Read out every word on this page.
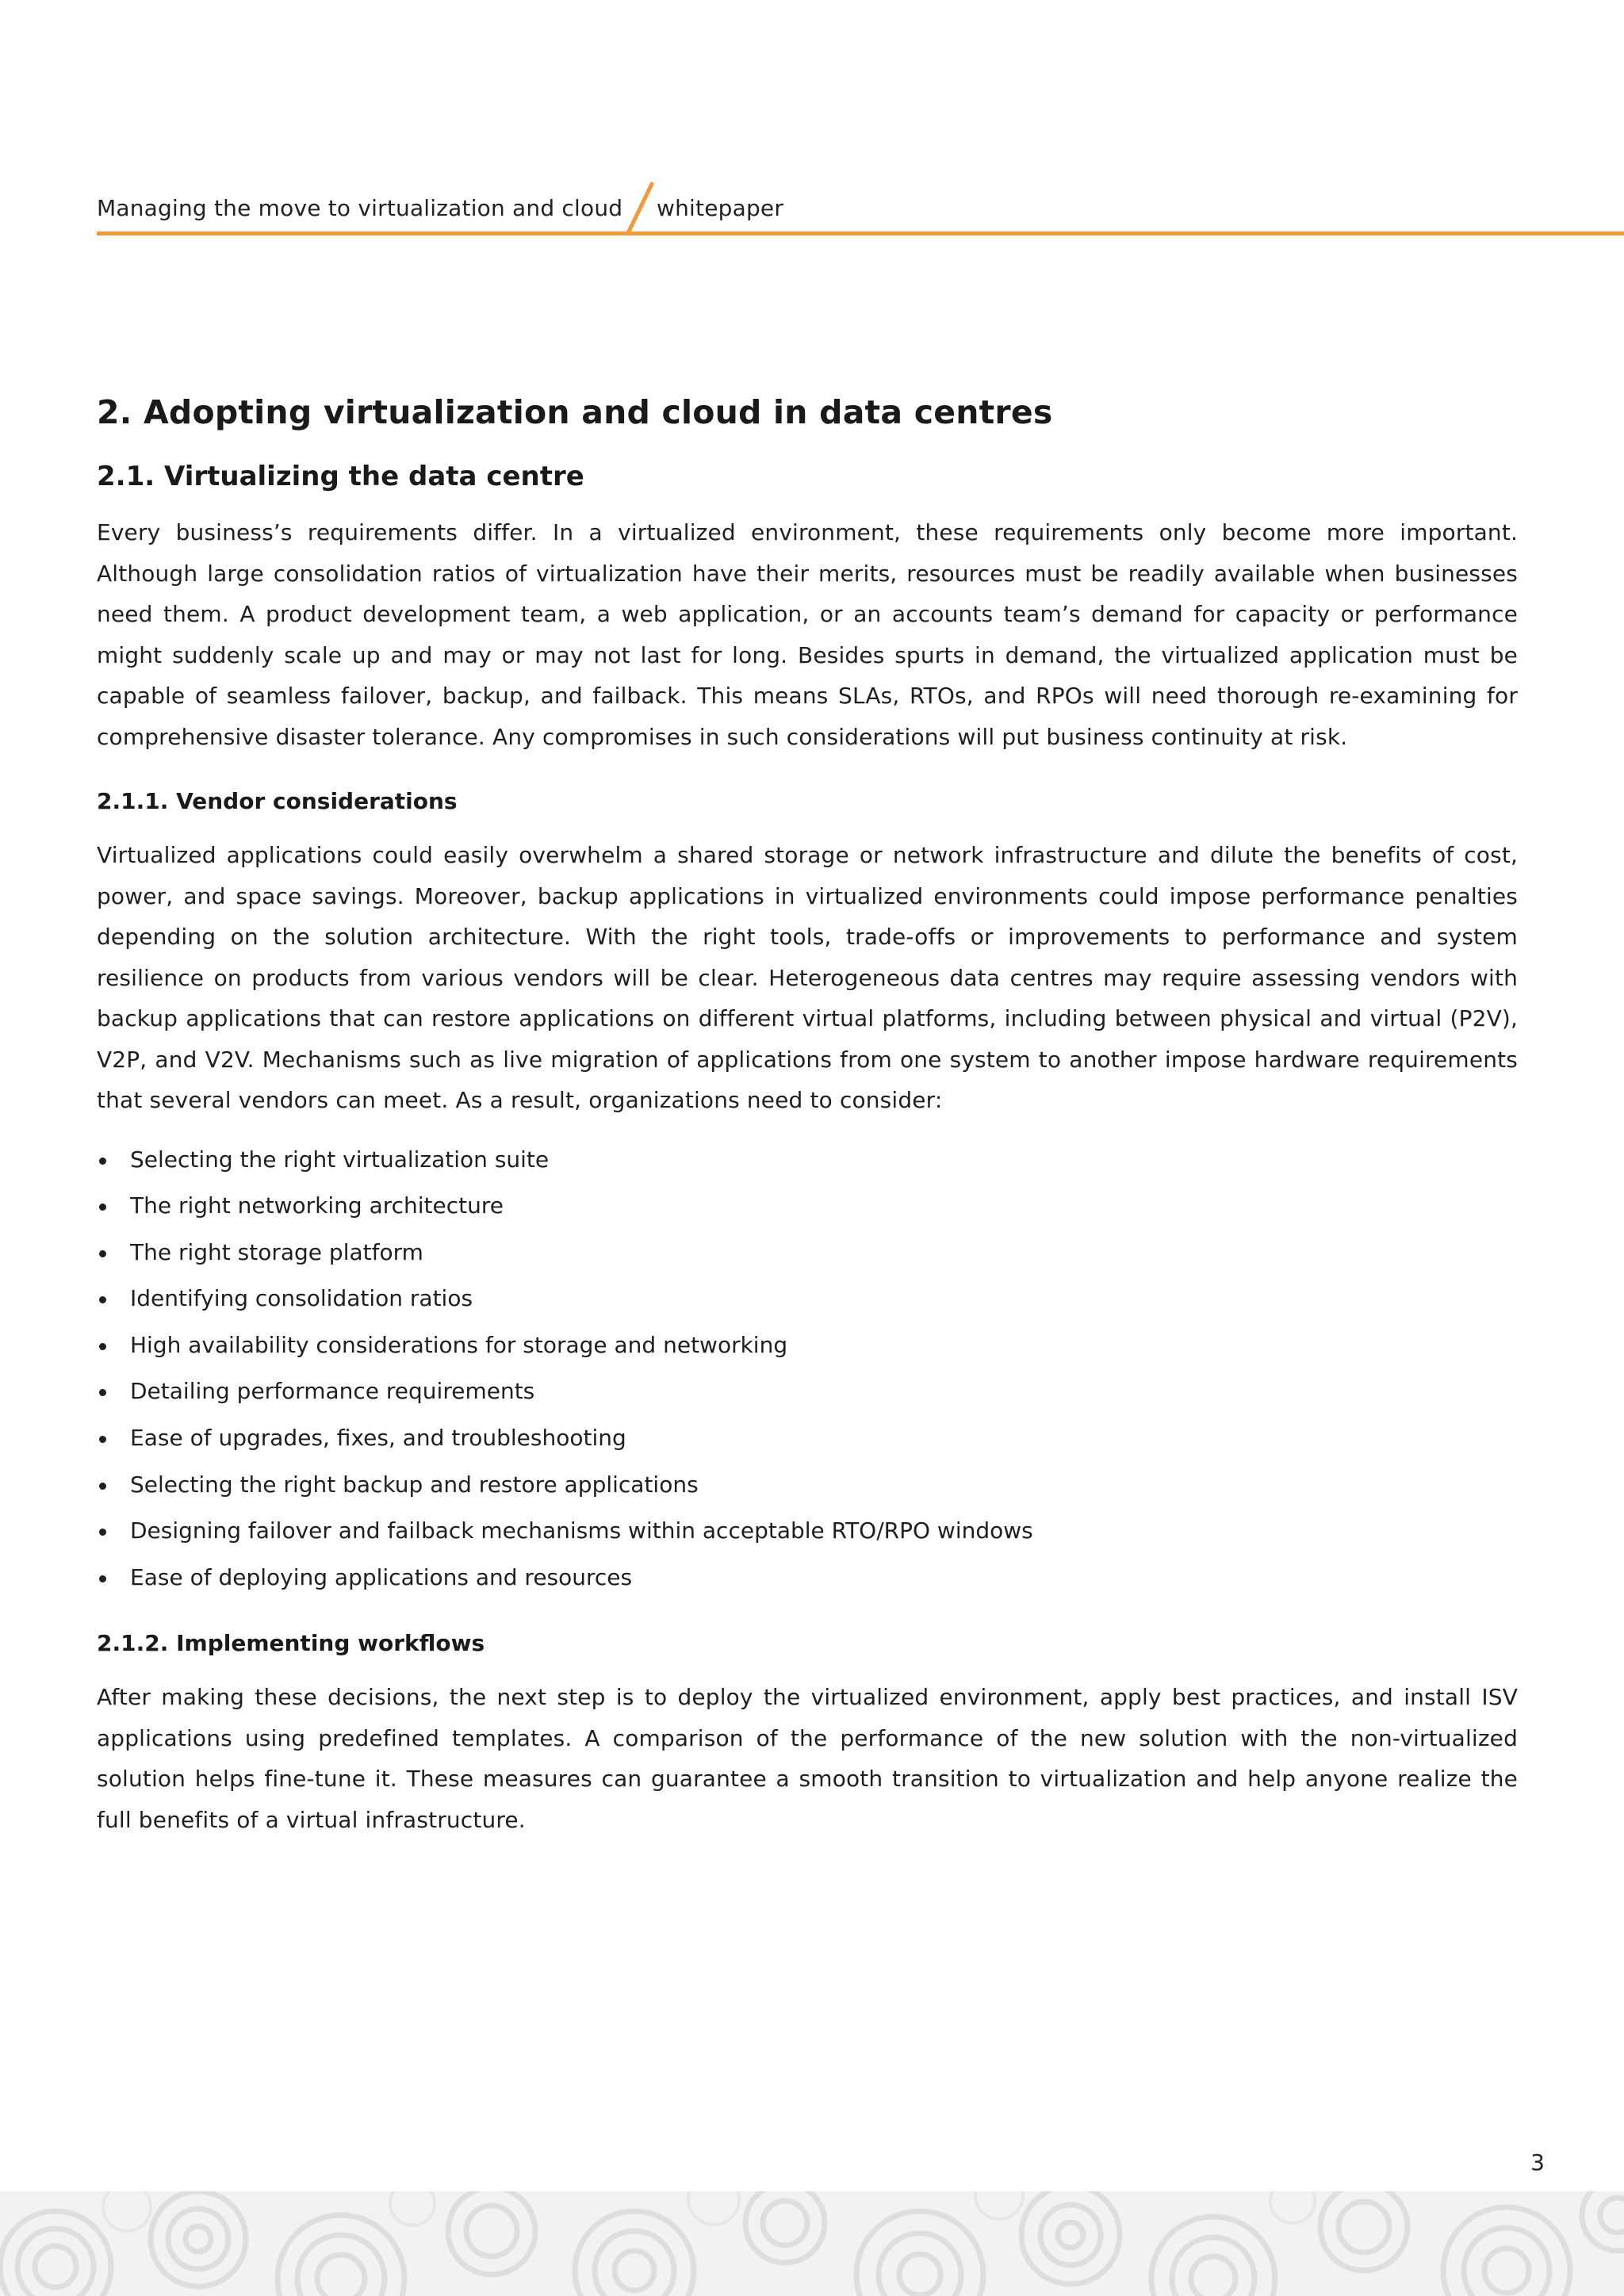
Managing the move to virtualization and cloud whitepaper
2. Adopting virtualization and cloud in data centres
2.1. Virtualizing the data centre

Every business’s requirements differ. In a virtualized environment, these requirements only become more important. Although large consolidation ratios of virtualization have their merits, resources must be readily available when businesses need them. A product development team, a web application, or an accounts team’s demand for capacity or performance might suddenly scale up and may or may not last for long. Besides spurts in demand, the virtualized application must be capable of seamless failover, backup, and failback. This means SLAs, RTOs, and RPOs will need thorough re-examining for comprehensive disaster tolerance. Any compromises in such considerations will put business continuity at risk.

2.1.1. Vendor considerations

Virtualized applications could easily overwhelm a shared storage or network infrastructure and dilute the benefits of cost, power, and space savings. Moreover, backup applications in virtualized environments could impose performance penalties depending on the solution architecture. With the right tools, trade-offs or improvements to performance and system resilience on products from various vendors will be clear. Heterogeneous data centres may require assessing vendors with backup applications that can restore applications on different virtual platforms, including between physical and virtual (P2V), V2P, and V2V. Mechanisms such as live migration of applications from one system to another impose hardware requirements that several vendors can meet. As a result, organizations need to consider:

Selecting the right virtualization suite
The right networking architecture
The right storage platform
Identifying consolidation ratios
High availability considerations for storage and networking
Detailing performance requirements
Ease of upgrades, fixes, and troubleshooting
Selecting the right backup and restore applications
Designing failover and failback mechanisms within acceptable RTO/RPO windows
Ease of deploying applications and resources
2.1.2. Implementing workflows

After making these decisions, the next step is to deploy the virtualized environment, apply best practices, and install ISV applications using predefined templates. A comparison of the performance of the new solution with the non-virtualized solution helps fine-tune it. These measures can guarantee a smooth transition to virtualization and help anyone realize the full benefits of a virtual infrastructure.

3
